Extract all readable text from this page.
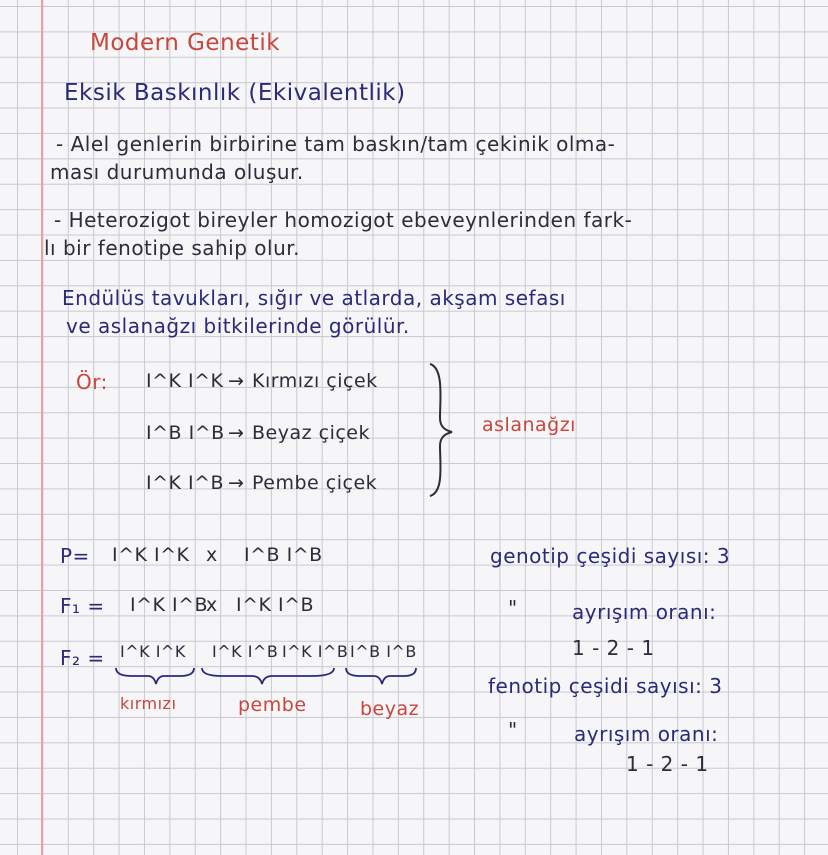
Modern Genetik
Eksik Baskınlık (Ekivalentlik)
- Alel genlerin birbirine tam baskın/tam çekinik olma-
ması durumunda oluşur.
- Heterozigot bireyler homozigot ebeveynlerinden fark-
lı bir fenotipe sahip olur.
Endülüs tavukları, sığır ve atlarda, akşam sefası
ve aslanağzı bitkilerinde görülür.
Ör: I^K I^K → Kırmızı çiçek
I^B I^B → Beyaz çiçek
I^K I^B → Pembe çiçek
aslanağzı
P= I^K I^K x I^B I^B
F₁ = I^K I^B
x I^K I^B
F₂ = I^K I^K I^K I^B I^K I^B I^B I^B
kırmızı	pembe	beyaz
genotip çeşidi sayısı: 3
"	ayrışım oranı:
1 - 2 - 1
fenotip çeşidi sayısı: 3
"	ayrışım oranı:
1 - 2 - 1
